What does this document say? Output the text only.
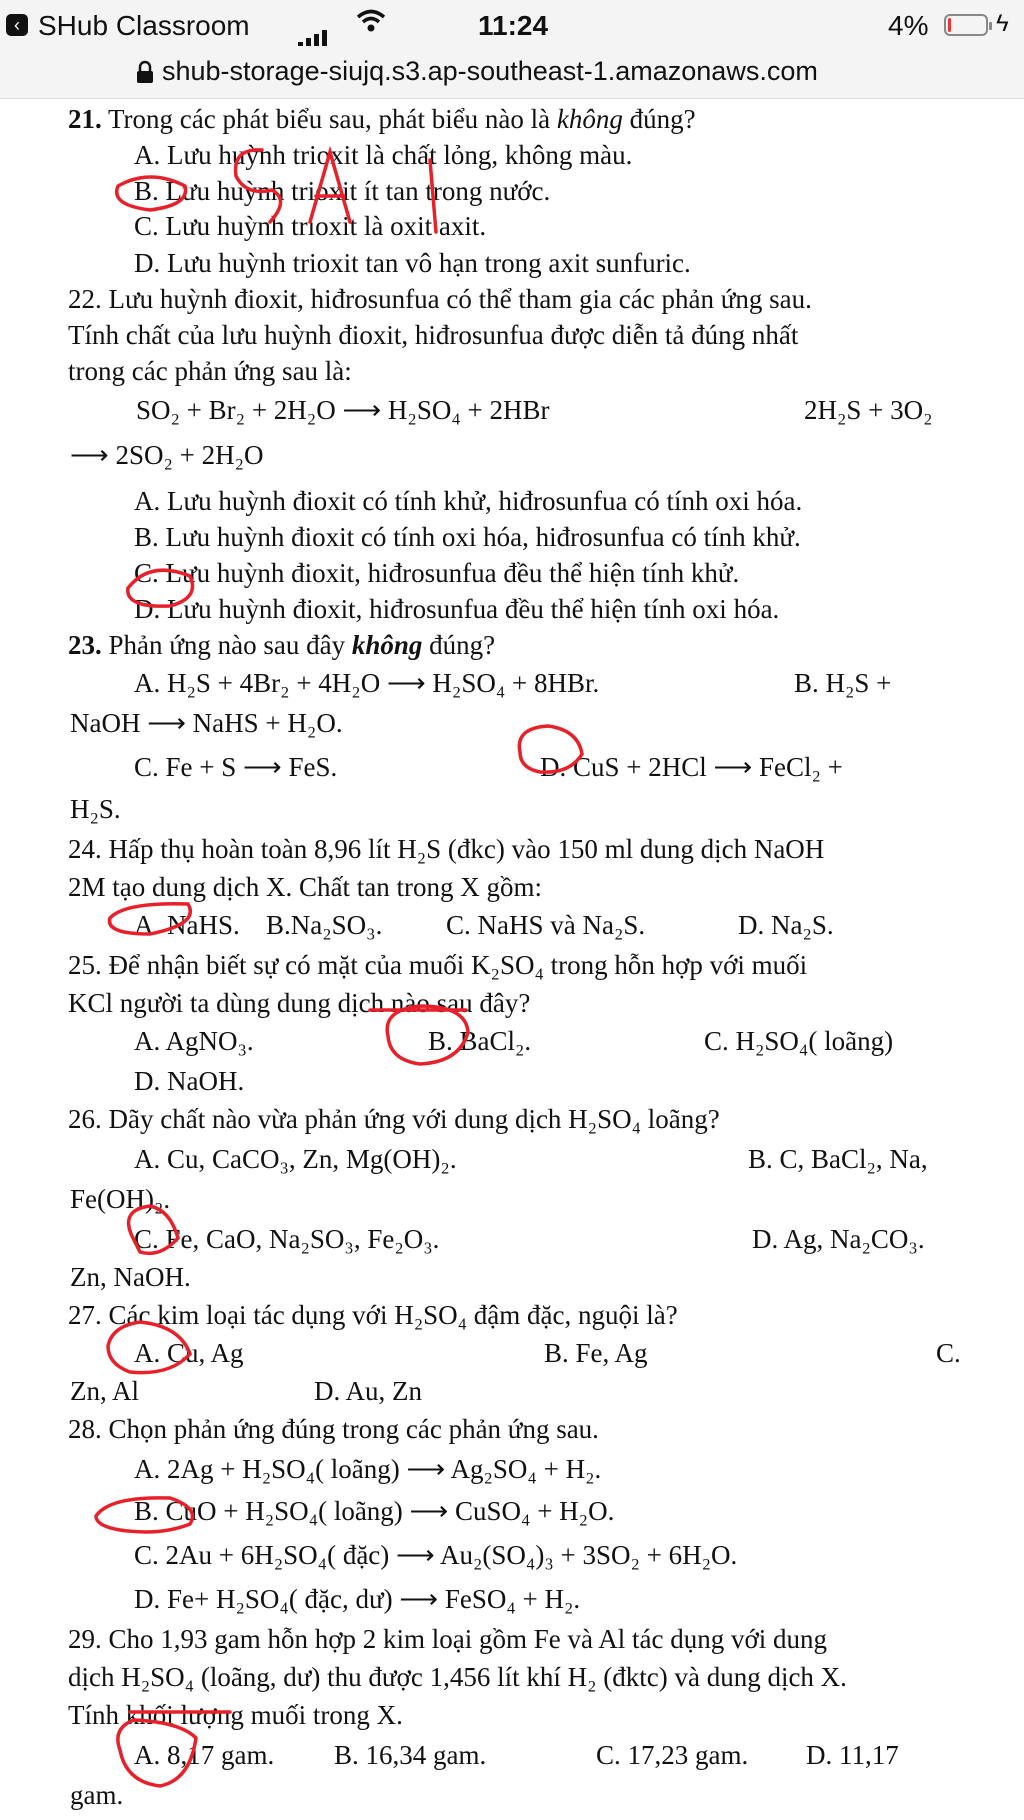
‹ SHub Classroom	11:24	4%	ϟ
shub-storage-siujq.s3.ap-southeast-1.amazonaws.com
21. Trong các phát biểu sau, phát biểu nào là không đúng?
A. Lưu huỳnh trioxit là chất lỏng, không màu.
B. Lưu huỳnh trioxit ít tan trong nước.
C. Lưu huỳnh trioxit là oxit axit.
D. Lưu huỳnh trioxit tan vô hạn trong axit sunfuric.
22. Lưu huỳnh đioxit, hiđrosunfua có thể tham gia các phản ứng sau.
Tính chất của lưu huỳnh đioxit, hiđrosunfua được diễn tả đúng nhất
trong các phản ứng sau là:
SO₂ + Br₂ + 2H₂O ⟶ H₂SO₄ + 2HBr	2H₂S + 3O₂
⟶ 2SO₂ + 2H₂O
A. Lưu huỳnh đioxit có tính khử, hiđrosunfua có tính oxi hóa.
B. Lưu huỳnh đioxit có tính oxi hóa, hiđrosunfua có tính khử.
C. Lưu huỳnh đioxit, hiđrosunfua đều thể hiện tính khử.
D. Lưu huỳnh đioxit, hiđrosunfua đều thể hiện tính oxi hóa.
23. Phản ứng nào sau đây không đúng?
A. H₂S + 4Br₂ + 4H₂O ⟶ H₂SO₄ + 8HBr.	B. H₂S +
NaOH ⟶ NaHS + H₂O.
C. Fe + S ⟶ FeS.	D. CuS + 2HCl ⟶ FeCl₂ +
H₂S.
24. Hấp thụ hoàn toàn 8,96 lít H₂S (đkc) vào 150 ml dung dịch NaOH
2M tạo dung dịch X. Chất tan trong X gồm:
A. NaHS. B.Na₂SO₃. C. NaHS và Na₂S.	D. Na₂S.
25. Để nhận biết sự có mặt của muối K₂SO₄ trong hỗn hợp với muối
KCl người ta dùng dung dịch nào sau đây?
A. AgNO₃.	B. BaCl₂.	C. H₂SO₄( loãng)
D. NaOH.
26. Dãy chất nào vừa phản ứng với dung dịch H₂SO₄ loãng?
A. Cu, CaCO₃, Zn, Mg(OH)₂.	B. C, BaCl₂, Na,
Fe(OH)₂.
C. Fe, CaO, Na₂SO₃, Fe₂O₃.	D. Ag, Na₂CO₃.
Zn, NaOH.
27. Các kim loại tác dụng với H₂SO₄ đậm đặc, nguội là?
A. Cu, Ag	B. Fe, Ag	C.
Zn, Al	D. Au, Zn
28. Chọn phản ứng đúng trong các phản ứng sau.
A. 2Ag + H₂SO₄( loãng) ⟶ Ag₂SO₄ + H₂.
B. CuO + H₂SO₄( loãng) ⟶ CuSO₄ + H₂O.
C. 2Au + 6H₂SO₄( đặc) ⟶ Au₂(SO₄)₃ + 3SO₂ + 6H₂O.
D. Fe+ H₂SO₄( đặc, dư) ⟶ FeSO₄ + H₂.
29. Cho 1,93 gam hỗn hợp 2 kim loại gồm Fe và Al tác dụng với dung
dịch H₂SO₄ (loãng, dư) thu được 1,456 lít khí H₂ (đktc) và dung dịch X.
Tính khối lượng muối trong X.
A. 8,17 gam. B. 16,34 gam.	C. 17,23 gam. D. 11,17
gam.
